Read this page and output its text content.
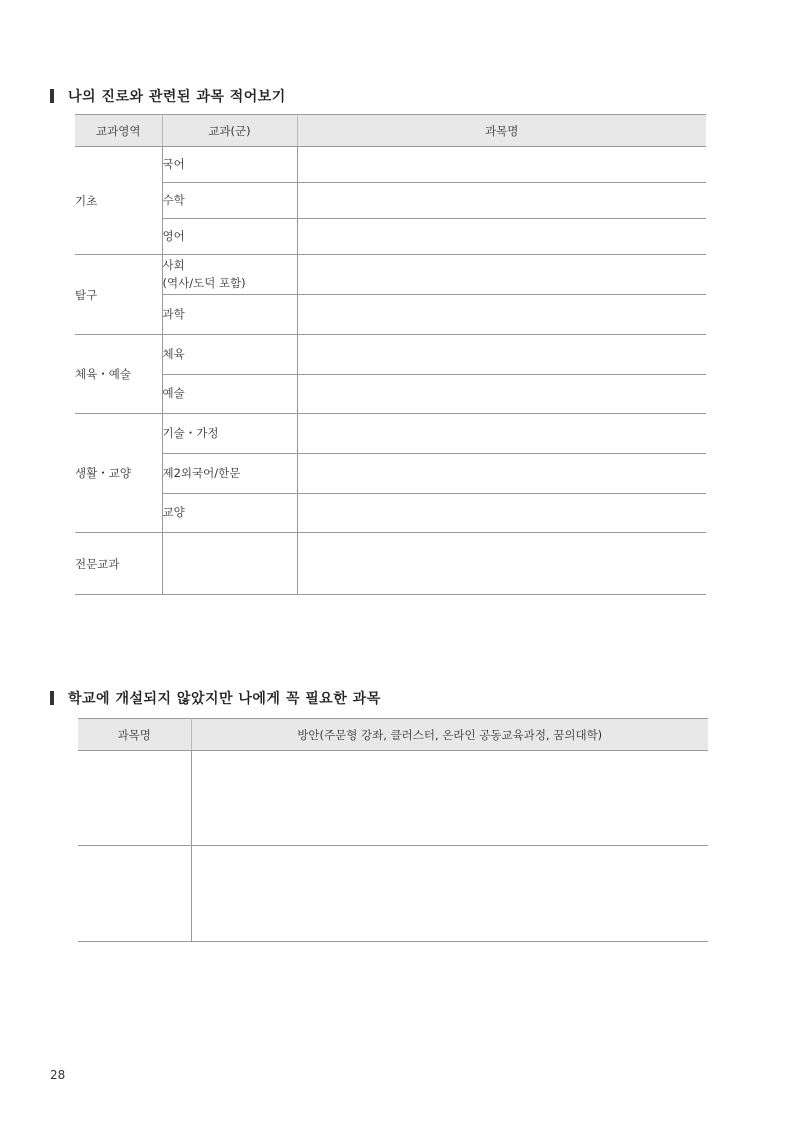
나의 진로와 관련된 과목 적어보기
교과영역	교과(군)	과목명
기초	국어	
	수학	
	영어	
탐구	사회
(역사/도덕 포함)	

	과학	
체육・예술	체육	
	예술	
생활・교양	기술・가정	
	제2외국어/한문	
	교양	
전문교과		
학교에 개설되지 않았지만 나에게 꼭 필요한 과목
과목명	방안(주문형 강좌, 클러스터, 온라인 공동교육과정, 꿈의대학)

28
